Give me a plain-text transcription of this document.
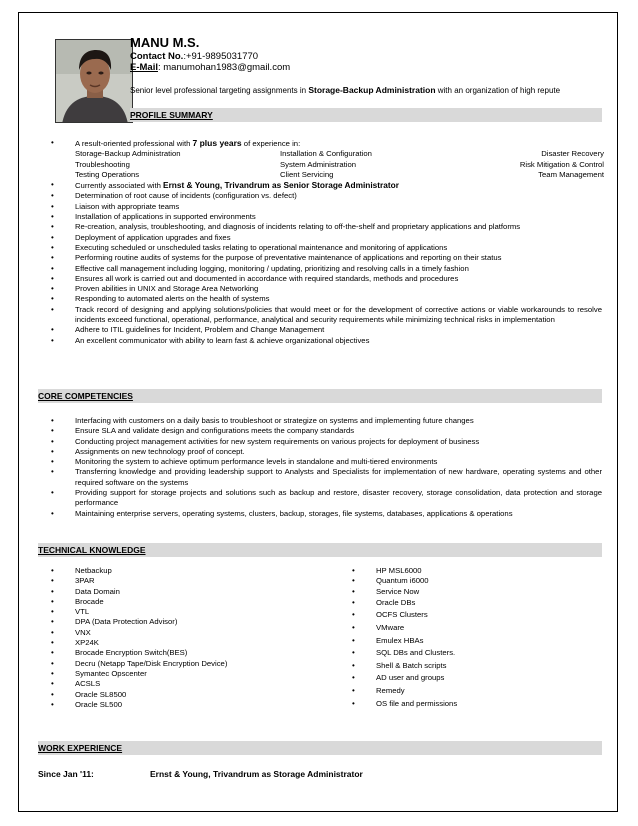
MANU M.S.
Contact No.:+91-9895031770
E-Mail: manumohan1983@gmail.com
Senior level professional targeting assignments in Storage-Backup Administration with an organization of high repute
PROFILE SUMMARY
• A result-oriented professional with 7 plus years of experience in:
Storage-Backup Administration	Installation & Configuration	Disaster Recovery
Troubleshooting	System Administration	Risk Mitigation & Control
Testing Operations	Client Servicing	Team Management
• Currently associated with Ernst & Young, Trivandrum as Senior Storage Administrator
• Determination of root cause of incidents (configuration vs. defect)
• Liaison with appropriate teams
• Installation of applications in supported environments
• Re-creation, analysis, troubleshooting, and diagnosis of incidents relating to off-the-shelf and proprietary applications and platforms
• Deployment of application upgrades and fixes
• Executing scheduled or unscheduled tasks relating to operational maintenance and monitoring of applications
• Performing routine audits of systems for the purpose of preventative maintenance of applications and reporting on their status
• Effective call management including logging, monitoring / updating, prioritizing and resolving calls in a timely fashion
• Ensures all work is carried out and documented in accordance with required standards, methods and procedures
• Proven abilities in UNIX and Storage Area Networking
• Responding to automated alerts on the health of systems
• Track record of designing and applying solutions/policies that would meet or for the development of corrective actions or viable workarounds to resolve incidents exceed functional, operational, performance, analytical and security requirements while minimizing technical risks in implementation
• Adhere to ITIL guidelines for Incident, Problem and Change Management
• An excellent communicator with ability to learn fast & achieve organizational objectives
CORE COMPETENCIES
• Interfacing with customers on a daily basis to troubleshoot or strategize on systems and implementing future changes
• Ensure SLA and validate design and configurations meets the company standards
• Conducting project management activities for new system requirements on various projects for deployment of business
• Assignments on new technology proof of concept.
• Monitoring the system to achieve optimum performance levels in standalone and multi-tiered environments
• Transferring knowledge and providing leadership support to Analysts and Specialists for implementation of new hardware, operating systems and other required software on the systems
• Providing support for storage projects and solutions such as backup and restore, disaster recovery, storage consolidation, data protection and storage performance
• Maintaining enterprise servers, operating systems, clusters, backup, storages, file systems, databases, applications & operations
TECHNICAL KNOWLEDGE
• Netbackup
• 3PAR
• Data Domain
• Brocade
• VTL
• DPA (Data Protection Advisor)
• VNX
• XP24K
• Brocade Encryption Switch(BES)
• Decru (Netapp Tape/Disk Encryption Device)
• Symantec Opscenter
• ACSLS
• Oracle SL8500
• Oracle SL500
• HP MSL6000
• Quantum i6000
• Service Now
• Oracle DBs
• OCFS Clusters
• VMware
• Emulex HBAs
• SQL DBs and Clusters.
• Shell & Batch scripts
• AD user and groups
• Remedy
• OS file and permissions
WORK EXPERIENCE
Since Jan '11:	Ernst & Young, Trivandrum as Storage Administrator
